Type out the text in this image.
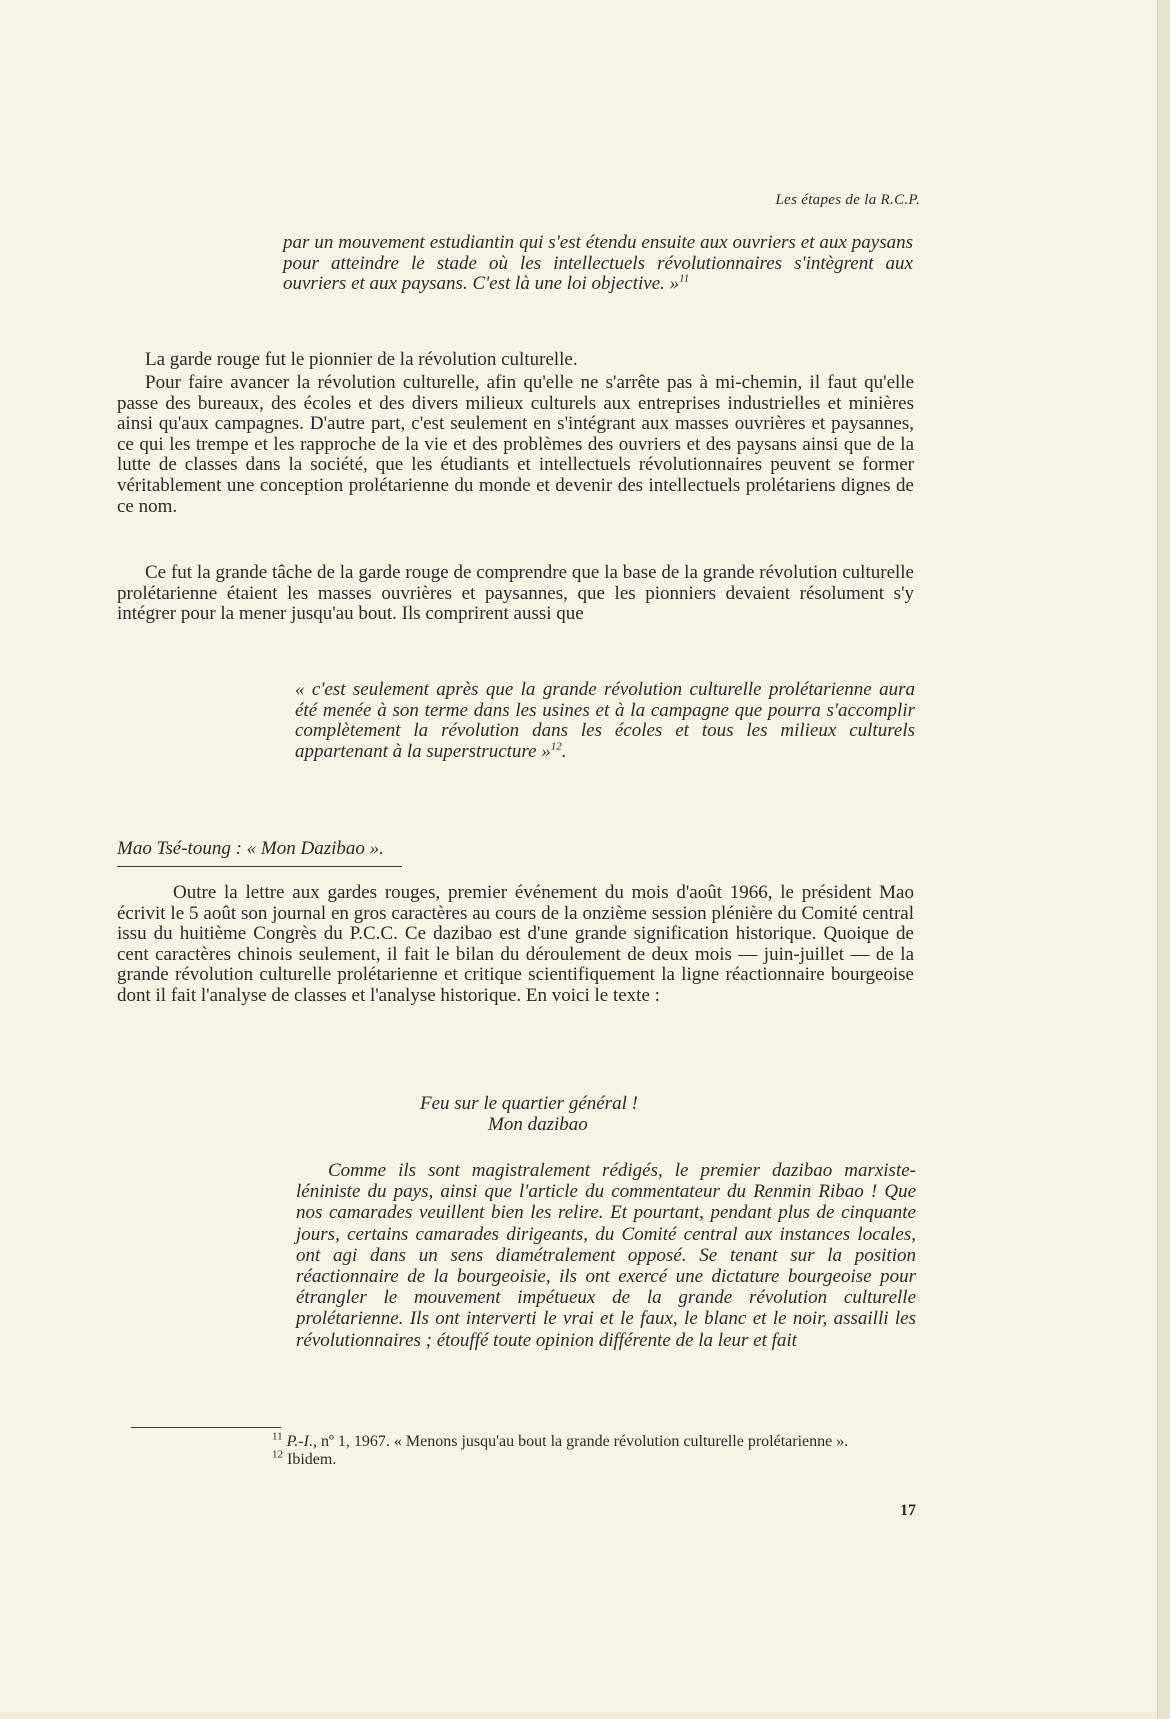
Les étapes de la R.C.P.

par un mouvement estudiantin qui s'est étendu ensuite aux ouvriers et aux paysans pour atteindre le stade où les intellectuels révolutionnaires s'intègrent aux ouvriers et aux paysans. C'est là une loi objective. »$^{11}$

La garde rouge fut le pionnier de la révolution culturelle.

Pour faire avancer la révolution culturelle, afin qu'elle ne s'arrête pas à mi-chemin, il faut qu'elle passe des bureaux, des écoles et des divers milieux culturels aux entreprises industrielles et minières ainsi qu'aux campagnes. D'autre part, c'est seulement en s'intégrant aux masses ouvrières et paysannes, ce qui les trempe et les rapproche de la vie et des problèmes des ouvriers et des paysans ainsi que de la lutte de classes dans la société, que les étudiants et intellectuels révolutionnaires peuvent se former véritablement une conception prolétarienne du monde et devenir des intellectuels prolétariens dignes de ce nom.

Ce fut la grande tâche de la garde rouge de comprendre que la base de la grande révolution culturelle prolétarienne étaient les masses ouvrières et paysannes, que les pionniers devaient résolument s'y intégrer pour la mener jusqu'au bout. Ils comprirent aussi que

« c'est seulement après que la grande révolution culturelle prolétarienne aura été menée à son terme dans les usines et à la campagne que pourra s'accomplir complètement la révolution dans les écoles et tous les milieux culturels appartenant à la superstructure »$^{12}$.

Mao Tsé-toung : « Mon Dazibao ».

Outre la lettre aux gardes rouges, premier événement du mois d'août 1966, le président Mao écrivit le 5 août son journal en gros caractères au cours de la onzième session plénière du Comité central issu du huitième Congrès du P.C.C. Ce dazibao est d'une grande signification historique. Quoique de cent caractères chinois seulement, il fait le bilan du déroulement de deux mois — juin-juillet — de la grande révolution culturelle prolétarienne et critique scientifiquement la ligne réactionnaire bourgeoise dont il fait l'analyse de classes et l'analyse historique. En voici le texte :

Feu sur le quartier général !
Mon dazibao

Comme ils sont magistralement rédigés, le premier dazibao marxiste-léniniste du pays, ainsi que l'article du commentateur du Renmin Ribao ! Que nos camarades veuillent bien les relire. Et pourtant, pendant plus de cinquante jours, certains camarades dirigeants, du Comité central aux instances locales, ont agi dans un sens diamétralement opposé. Se tenant sur la position réactionnaire de la bourgeoisie, ils ont exercé une dictature bourgeoise pour étrangler le mouvement impétueux de la grande révolution culturelle prolétarienne. Ils ont interverti le vrai et le faux, le blanc et le noir, assailli les révolutionnaires ; étouffé toute opinion différente de la leur et fait

$^{11}$ P.-I., nº 1, 1967. « Menons jusqu'au bout la grande révolution culturelle prolétarienne ».
$^{12}$ Ibidem.
17
